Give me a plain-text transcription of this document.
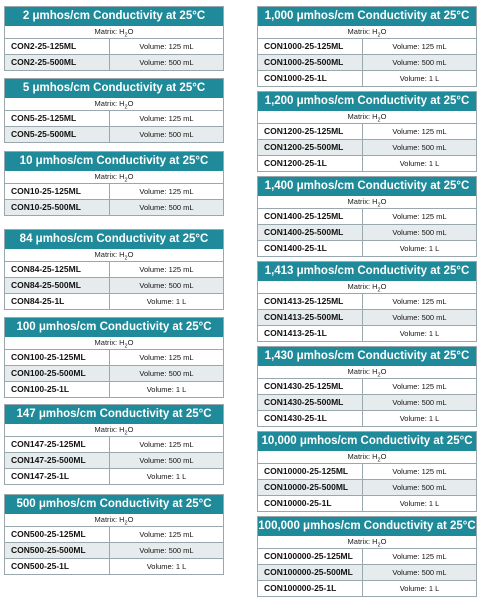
2 μmhos/cm Conductivity at 25°C
Matrix: $H_2O$
CON2-25-125ML	Volume: 125 mL
CON2-25-500ML	Volume: 500 mL
5 μmhos/cm Conductivity at 25°C
Matrix: $H_2O$
CON5-25-125ML	Volume: 125 mL
CON5-25-500ML	Volume: 500 mL
10 μmhos/cm Conductivity at 25°C
Matrix: $H_2O$
CON10-25-125ML	Volume: 125 mL
CON10-25-500ML	Volume: 500 mL
84 μmhos/cm Conductivity at 25°C
Matrix: $H_2O$
CON84-25-125ML	Volume: 125 mL
CON84-25-500ML	Volume: 500 mL
CON84-25-1L	Volume: 1 L
100 μmhos/cm Conductivity at 25°C
Matrix: $H_2O$
CON100-25-125ML	Volume: 125 mL
CON100-25-500ML	Volume: 500 mL
CON100-25-1L	Volume: 1 L
147 μmhos/cm Conductivity at 25°C
Matrix: $H_2O$
CON147-25-125ML	Volume: 125 mL
CON147-25-500ML	Volume: 500 mL
CON147-25-1L	Volume: 1 L
500 μmhos/cm Conductivity at 25°C
Matrix: $H_2O$
CON500-25-125ML	Volume: 125 mL
CON500-25-500ML	Volume: 500 mL
CON500-25-1L	Volume: 1 L
1,000 μmhos/cm Conductivity at 25°C
Matrix: $H_2O$
CON1000-25-125ML	Volume: 125 mL
CON1000-25-500ML	Volume: 500 mL
CON1000-25-1L	Volume: 1 L
1,200 μmhos/cm Conductivity at 25°C
Matrix: $H_2O$
CON1200-25-125ML	Volume: 125 mL
CON1200-25-500ML	Volume: 500 mL
CON1200-25-1L	Volume: 1 L
1,400 μmhos/cm Conductivity at 25°C
Matrix: $H_2O$
CON1400-25-125ML	Volume: 125 mL
CON1400-25-500ML	Volume: 500 mL
CON1400-25-1L	Volume: 1 L
1,413 μmhos/cm Conductivity at 25°C
Matrix: $H_2O$
CON1413-25-125ML	Volume: 125 mL
CON1413-25-500ML	Volume: 500 mL
CON1413-25-1L	Volume: 1 L
1,430 μmhos/cm Conductivity at 25°C
Matrix: $H_2O$
CON1430-25-125ML	Volume: 125 mL
CON1430-25-500ML	Volume: 500 mL
CON1430-25-1L	Volume: 1 L
10,000 μmhos/cm Conductivity at 25°C
Matrix: $H_2O$
CON10000-25-125ML	Volume: 125 mL
CON10000-25-500ML	Volume: 500 mL
CON10000-25-1L	Volume: 1 L
100,000 μmhos/cm Conductivity at 25°C
Matrix: $H_2O$
CON100000-25-125ML	Volume: 125 mL
CON100000-25-500ML	Volume: 500 mL
CON100000-25-1L	Volume: 1 L
